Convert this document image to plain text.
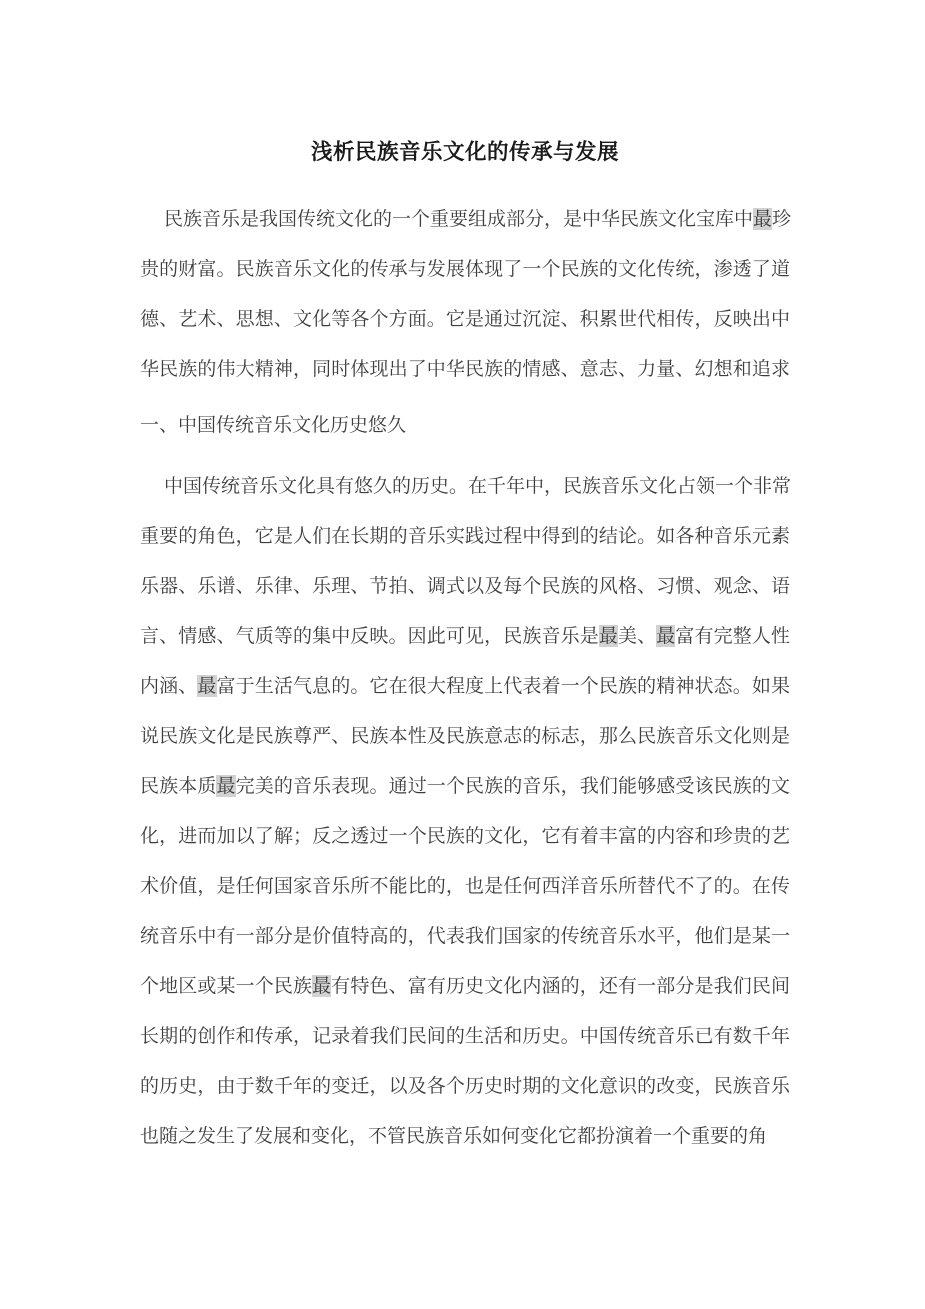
浅析民族音乐文化的传承与发展
民族音乐是我国传统文化的一个重要组成部分，是中华民族文化宝库中最珍
贵的财富。民族音乐文化的传承与发展体现了一个民族的文化传统，渗透了道
德、艺术、思想、文化等各个方面。它是通过沉淀、积累世代相传，反映出中
华民族的伟大精神，同时体现出了中华民族的情感、意志、力量、幻想和追求
一、中国传统音乐文化历史悠久
中国传统音乐文化具有悠久的历史。在千年中，民族音乐文化占领一个非常
重要的角色，它是人们在长期的音乐实践过程中得到的结论。如各种音乐元素
乐器、乐谱、乐律、乐理、节拍、调式以及每个民族的风格、习惯、观念、语
言、情感、气质等的集中反映。因此可见，民族音乐是最美、最富有完整人性
内涵、最富于生活气息的。它在很大程度上代表着一个民族的精神状态。如果
说民族文化是民族尊严、民族本性及民族意志的标志，那么民族音乐文化则是
民族本质最完美的音乐表现。通过一个民族的音乐，我们能够感受该民族的文
化，进而加以了解；反之透过一个民族的文化，它有着丰富的内容和珍贵的艺
术价值，是任何国家音乐所不能比的，也是任何西洋音乐所替代不了的。在传
统音乐中有一部分是价值特高的，代表我们国家的传统音乐水平，他们是某一
个地区或某一个民族最有特色、富有历史文化内涵的，还有一部分是我们民间
长期的创作和传承，记录着我们民间的生活和历史。中国传统音乐已有数千年
的历史，由于数千年的变迁，以及各个历史时期的文化意识的改变，民族音乐
也随之发生了发展和变化，不管民族音乐如何变化它都扮演着一个重要的角
